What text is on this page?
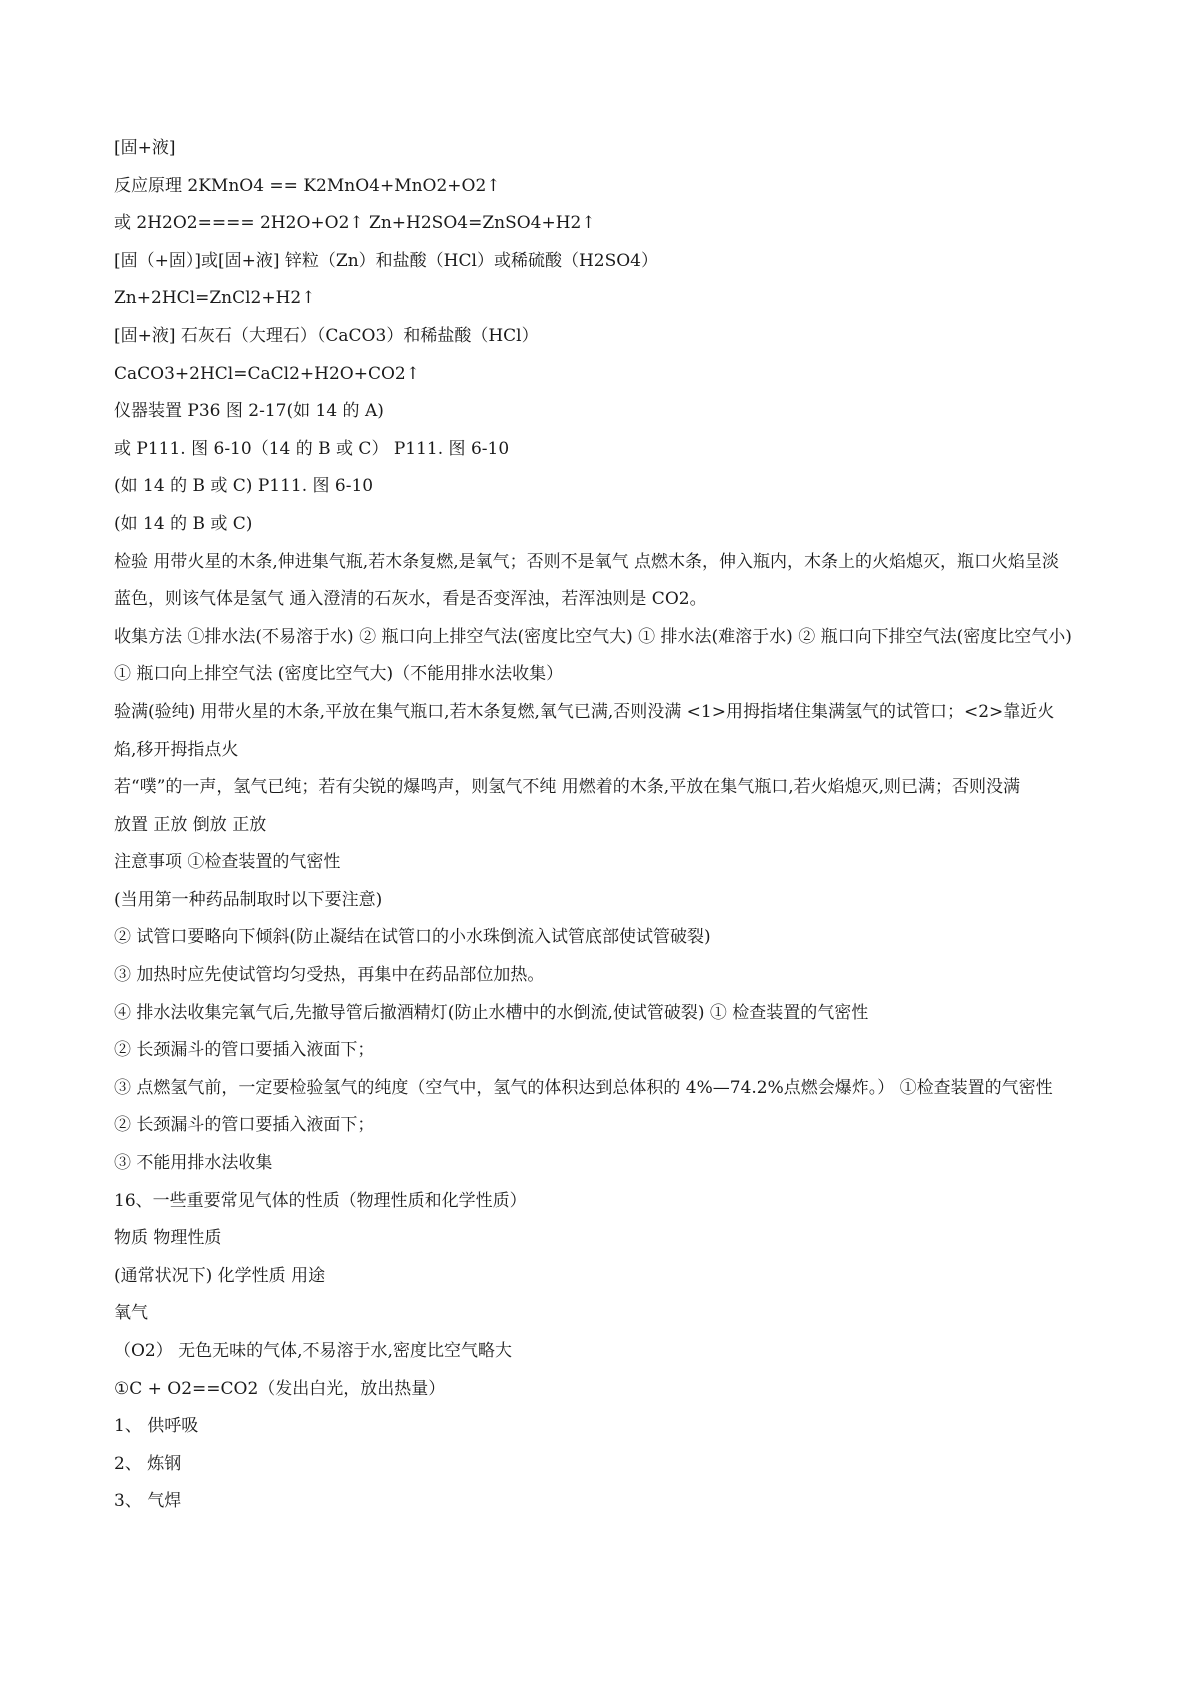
[固+液]

反应原理 2KMnO4 == K2MnO4+MnO2+O2↑

或 2H2O2==== 2H2O+O2↑ Zn+H2SO4=ZnSO4+H2↑

[固（+固）]或[固+液] 锌粒（Zn）和盐酸（HCl）或稀硫酸（H2SO4）

Zn+2HCl=ZnCl2+H2↑

[固+液] 石灰石（大理石）（CaCO3）和稀盐酸（HCl）

CaCO3+2HCl=CaCl2+H2O+CO2↑

仪器装置 P36 图 2-17(如 14 的 A)

或 P111. 图 6-10（14 的 B 或 C） P111. 图 6-10

(如 14 的 B 或 C) P111. 图 6-10

(如 14 的 B 或 C)

检验 用带火星的木条,伸进集气瓶,若木条复燃,是氧气；否则不是氧气 点燃木条，伸入瓶内，木条上的火焰熄灭，瓶口火焰呈淡蓝色，则该气体是氢气 通入澄清的石灰水，看是否变浑浊，若浑浊则是 CO2。

收集方法 ①排水法(不易溶于水) ② 瓶口向上排空气法(密度比空气大) ① 排水法(难溶于水) ② 瓶口向下排空气法(密度比空气小) ① 瓶口向上排空气法 (密度比空气大)（不能用排水法收集）

验满(验纯) 用带火星的木条,平放在集气瓶口,若木条复燃,氧气已满,否则没满 <1>用拇指堵住集满氢气的试管口；<2>靠近火焰,移开拇指点火

若“噗”的一声，氢气已纯；若有尖锐的爆鸣声，则氢气不纯 用燃着的木条,平放在集气瓶口,若火焰熄灭,则已满；否则没满

放置 正放 倒放 正放

注意事项 ①检查装置的气密性

(当用第一种药品制取时以下要注意)

② 试管口要略向下倾斜(防止凝结在试管口的小水珠倒流入试管底部使试管破裂)

③ 加热时应先使试管均匀受热，再集中在药品部位加热。

④ 排水法收集完氧气后,先撤导管后撤酒精灯(防止水槽中的水倒流,使试管破裂) ① 检查装置的气密性

② 长颈漏斗的管口要插入液面下；

③ 点燃氢气前，一定要检验氢气的纯度（空气中，氢气的体积达到总体积的 4%—74.2%点燃会爆炸。） ①检查装置的气密性

② 长颈漏斗的管口要插入液面下；

③ 不能用排水法收集

16、一些重要常见气体的性质（物理性质和化学性质）

物质 物理性质

(通常状况下) 化学性质 用途

氧气

（O2） 无色无味的气体,不易溶于水,密度比空气略大

①C + O2==CO2（发出白光，放出热量）

1、 供呼吸

2、 炼钢

3、 气焊
